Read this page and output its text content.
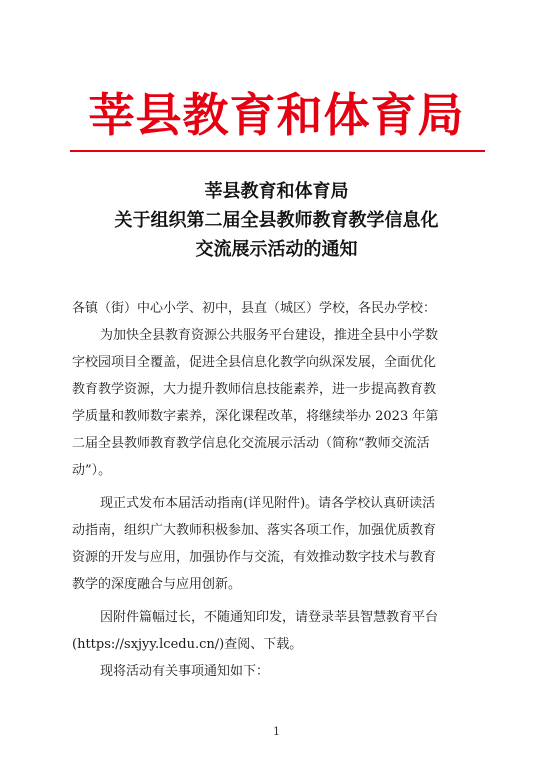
莘县教育和体育局
莘县教育和体育局
关于组织第二届全县教师教育教学信息化
交流展示活动的通知
各镇（街）中心小学、初中，县直（城区）学校，各民办学校：
为加快全县教育资源公共服务平台建设，推进全县中小学数
字校园项目全覆盖，促进全县信息化教学向纵深发展，全面优化
教育教学资源，大力提升教师信息技能素养，进一步提高教育教
学质量和教师数字素养，深化课程改革，将继续举办 2023 年第
二届全县教师教育教学信息化交流展示活动（简称“教师交流活
动”）。
现正式发布本届活动指南(详见附件)。请各学校认真研读活
动指南，组织广大教师积极参加、落实各项工作，加强优质教育
资源的开发与应用，加强协作与交流，有效推动数字技术与教育
教学的深度融合与应用创新。
因附件篇幅过长，不随通知印发，请登录莘县智慧教育平台
(https://sxjyy.lcedu.cn/)查阅、下载。
现将活动有关事项通知如下：
1
